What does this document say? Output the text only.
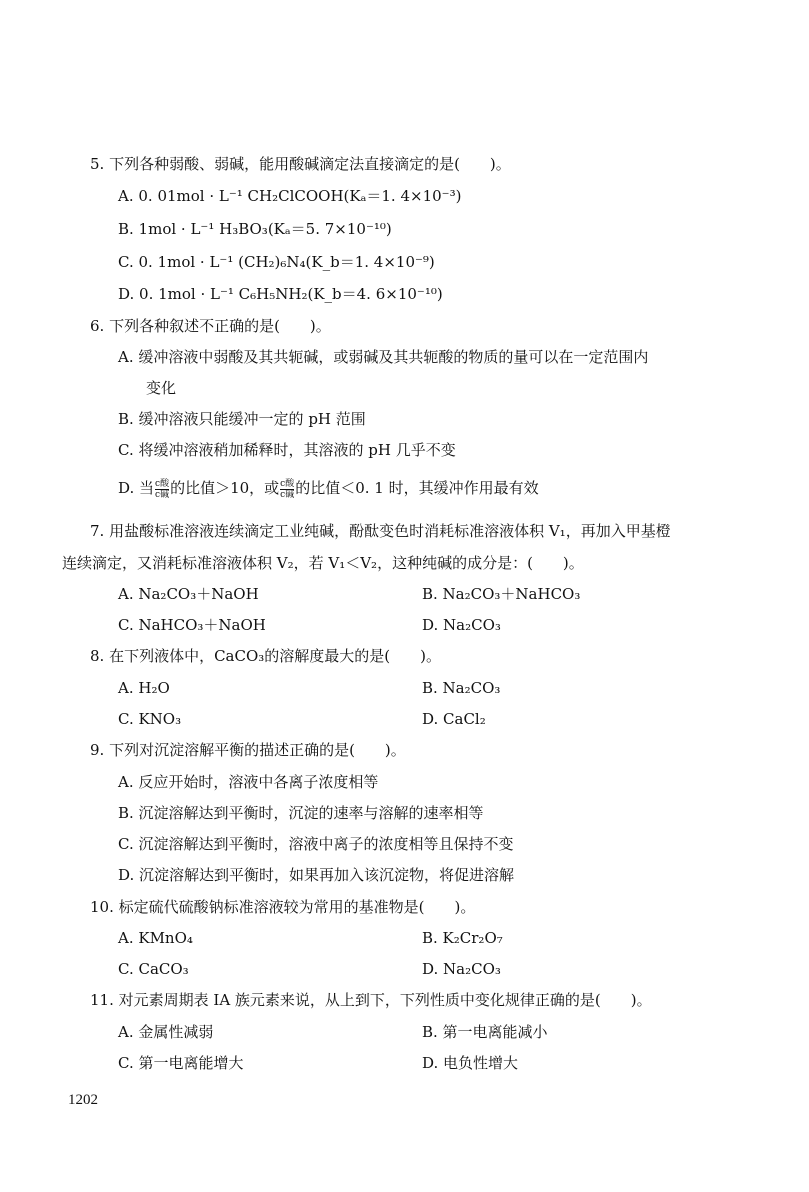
5. 下列各种弱酸、弱碱，能用酸碱滴定法直接滴定的是(　　)。
A. 0. 01mol · L⁻¹ CH₂ClCOOH(Kₐ＝1. 4×10⁻³)
B. 1mol · L⁻¹ H₃BO₃(Kₐ＝5. 7×10⁻¹⁰)
C. 0. 1mol · L⁻¹ (CH₂)₆N₄(K_b＝1. 4×10⁻⁹)
D. 0. 1mol · L⁻¹ C₆H₅NH₂(K_b＝4. 6×10⁻¹⁰)
6. 下列各种叙述不正确的是(　　)。
A. 缓冲溶液中弱酸及其共轭碱，或弱碱及其共轭酸的物质的量可以在一定范围内
变化
B. 缓冲溶液只能缓冲一定的 pH 范围
C. 将缓冲溶液稍加稀释时，其溶液的 pH 几乎不变
D. 当 $\frac{\text{c酸}}{\text{c碱}}$ 的比值＞10，或 $\frac{\text{c酸}}{\text{c碱}}$ 的比值＜0. 1 时，其缓冲作用最有效
7. 用盐酸标准溶液连续滴定工业纯碱，酚酞变色时消耗标准溶液体积 V₁，再加入甲基橙
连续滴定，又消耗标准溶液体积 V₂，若 V₁＜V₂，这种纯碱的成分是：(　　)。
A. Na₂CO₃＋NaOH	B. Na₂CO₃＋NaHCO₃
C. NaHCO₃＋NaOH	D. Na₂CO₃
8. 在下列液体中，CaCO₃的溶解度最大的是(　　)。
A. H₂O	B. Na₂CO₃
C. KNO₃	D. CaCl₂
9. 下列对沉淀溶解平衡的描述正确的是(　　)。
A. 反应开始时，溶液中各离子浓度相等
B. 沉淀溶解达到平衡时，沉淀的速率与溶解的速率相等
C. 沉淀溶解达到平衡时，溶液中离子的浓度相等且保持不变
D. 沉淀溶解达到平衡时，如果再加入该沉淀物，将促进溶解
10. 标定硫代硫酸钠标准溶液较为常用的基准物是(　　)。
A. KMnO₄	B. K₂Cr₂O₇
C. CaCO₃	D. Na₂CO₃
11. 对元素周期表 IA 族元素来说，从上到下，下列性质中变化规律正确的是(　　)。
A. 金属性减弱	B. 第一电离能减小
C. 第一电离能增大	D. 电负性增大
1202
